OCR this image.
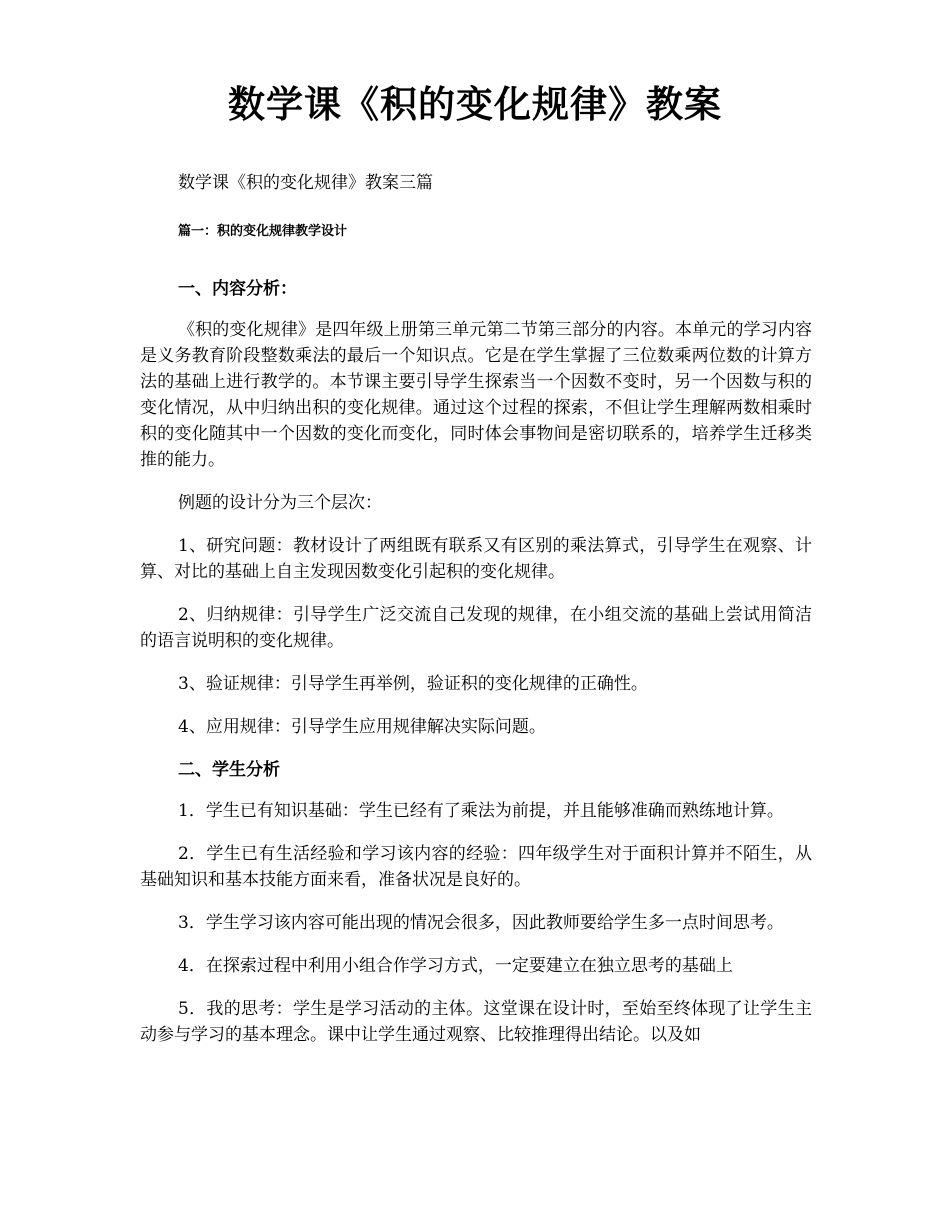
数学课《积的变化规律》教案

数学课《积的变化规律》教案三篇

篇一：积的变化规律教学设计

一、内容分析：

《积的变化规律》是四年级上册第三单元第二节第三部分的内容。本单元的学习内容是义务教育阶段整数乘法的最后一个知识点。它是在学生掌握了三位数乘两位数的计算方法的基础上进行教学的。本节课主要引导学生探索当一个因数不变时，另一个因数与积的变化情况，从中归纳出积的变化规律。通过这个过程的探索，不但让学生理解两数相乘时积的变化随其中一个因数的变化而变化，同时体会事物间是密切联系的，培养学生迁移类推的能力。

例题的设计分为三个层次：

1、研究问题：教材设计了两组既有联系又有区别的乘法算式，引导学生在观察、计算、对比的基础上自主发现因数变化引起积的变化规律。

2、归纳规律：引导学生广泛交流自己发现的规律，在小组交流的基础上尝试用简洁的语言说明积的变化规律。

3、验证规律：引导学生再举例，验证积的变化规律的正确性。

4、应用规律：引导学生应用规律解决实际问题。

二、学生分析

1．学生已有知识基础：学生已经有了乘法为前提，并且能够准确而熟练地计算。

2．学生已有生活经验和学习该内容的经验：四年级学生对于面积计算并不陌生，从基础知识和基本技能方面来看，准备状况是良好的。

3．学生学习该内容可能出现的情况会很多，因此教师要给学生多一点时间思考。

4．在探索过程中利用小组合作学习方式，一定要建立在独立思考的基础上

5．我的思考：学生是学习活动的主体。这堂课在设计时，至始至终体现了让学生主动参与学习的基本理念。课中让学生通过观察、比较推理得出结论。以及如
